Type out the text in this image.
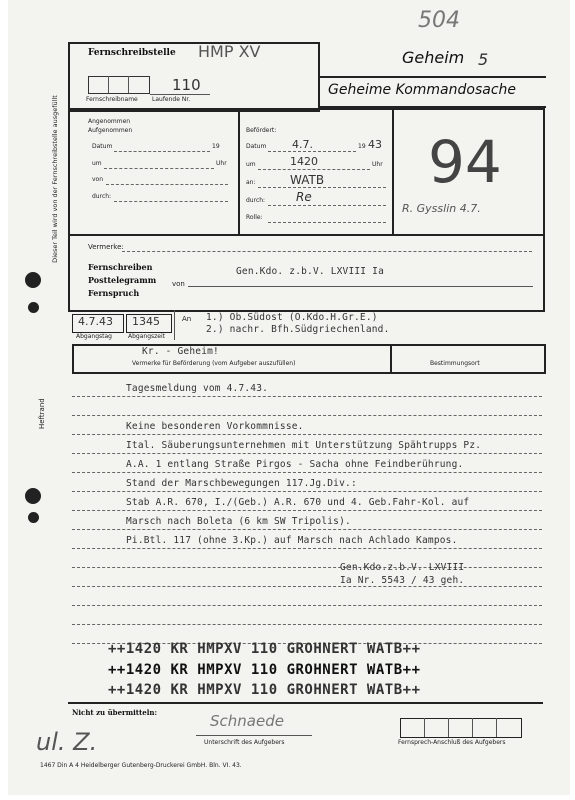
504
Fernschreibstelle HMP XV
Fernschreibname
110
Laufende Nr.
Geheim 5
Geheime Kommandosache
Dieser Teil wird von der Fernschreibstelle ausgefüllt
Heftrand
Angenommen
Aufgenommen
Datum	19
um	Uhr
von
durch:
Befördert:
Datum 4.7.	19 43
um	1420	Uhr
an:	WATB
durch:	Re
Rolle:
94
R. Gysslin 4.7.
Vermerke:
Fernschreiben
Posttelegramm
Fernspruch
von
Gen.Kdo. z.b.V. LXVIII Ia
4.7.43 1345
Abgangstag	Abgangszeit
An 1.) Ob.Südost (O.Kdo.H.Gr.E.)
2.) nachr. Bfh.Südgriechenland.
Kr. - Geheim!
Vermerke für Beförderung (vom Aufgeber auszufüllen)	Bestimmungsort
Tagesmeldung vom 4.7.43.
Keine besonderen Vorkommnisse.
Ital. Säuberungsunternehmen mit Unterstützung Spähtrupps Pz.
A.A. 1 entlang Straße Pirgos - Sacha ohne Feindberührung.
Stand der Marschbewegungen 117.Jg.Div.:
Stab A.R. 670, I./(Geb.) A.R. 670 und 4. Geb.Fahr-Kol. auf
Marsch nach Boleta (6 km SW Tripolis).
Pi.Btl. 117 (ohne 3.Kp.) auf Marsch nach Achlado Kampos.
Gen.Kdo.z.b.V. LXVIII
Ia Nr. 5543 / 43 geh.
++1420 KR HMPXV 110 GROHNERT WATB++
++1420 KR HMPXV 110 GROHNERT WATB++
++1420 KR HMPXV 110 GROHNERT WATB++
Nicht zu übermitteln:	Schnaede
Unterschrift des Aufgebers	Fernsprech-Anschluß des Aufgebers
ul. Z.
1467 Din A 4 Heidelberger Gutenberg-Druckerei GmbH. Bln. VI. 43.
